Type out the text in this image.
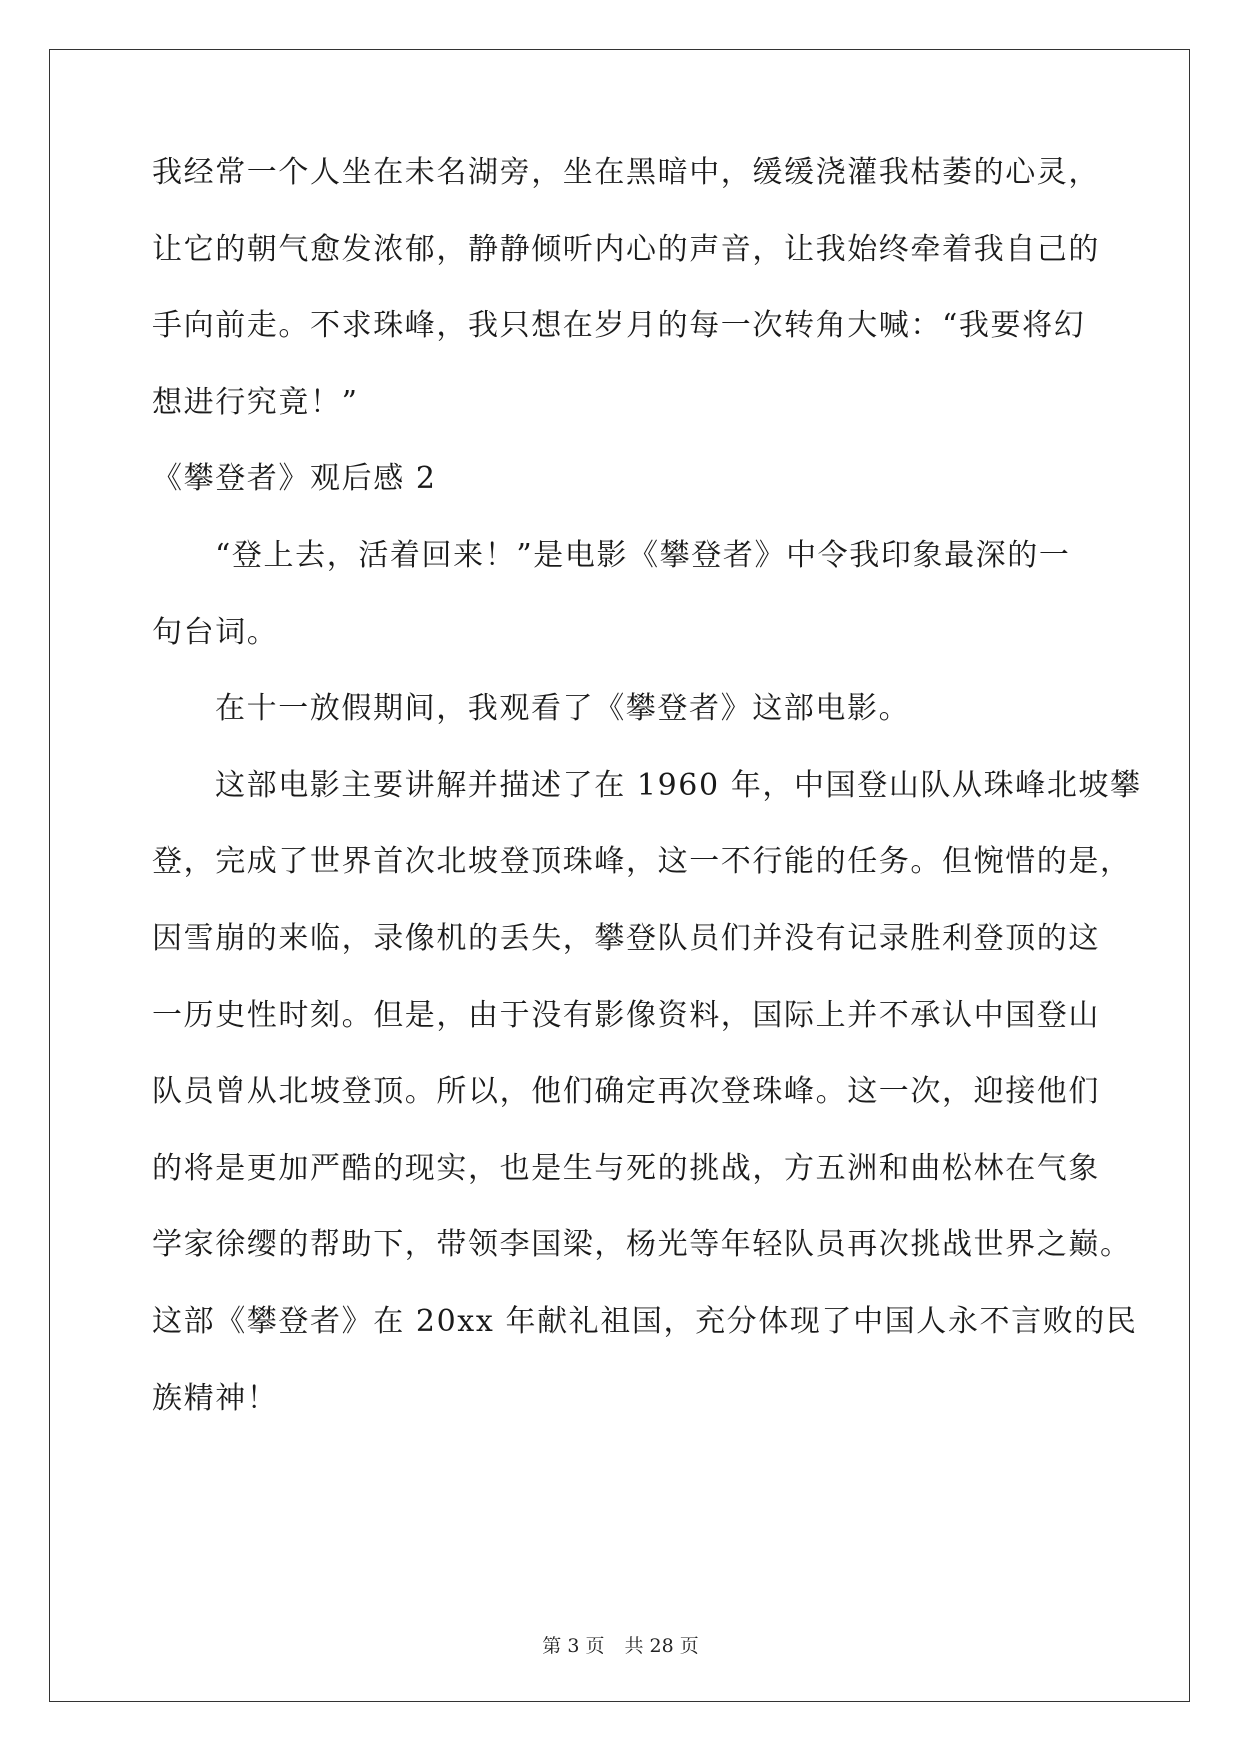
我经常一个人坐在未名湖旁，坐在黑暗中，缓缓浇灌我枯萎的心灵，
让它的朝气愈发浓郁，静静倾听内心的声音，让我始终牵着我自己的
手向前走。不求珠峰，我只想在岁月的每一次转角大喊：“我要将幻
想进行究竟！”
《攀登者》观后感 2
“登上去，活着回来！”是电影《攀登者》中令我印象最深的一
句台词。
在十一放假期间，我观看了《攀登者》这部电影。
这部电影主要讲解并描述了在 1960 年，中国登山队从珠峰北坡攀
登，完成了世界首次北坡登顶珠峰，这一不行能的任务。但惋惜的是，
因雪崩的来临，录像机的丢失，攀登队员们并没有记录胜利登顶的这
一历史性时刻。但是，由于没有影像资料，国际上并不承认中国登山
队员曾从北坡登顶。所以，他们确定再次登珠峰。这一次，迎接他们
的将是更加严酷的现实，也是生与死的挑战，方五洲和曲松林在气象
学家徐缨的帮助下，带领李国梁，杨光等年轻队员再次挑战世界之巅。
这部《攀登者》在 20xx 年献礼祖国，充分体现了中国人永不言败的民
族精神！
第 3 页 共 28 页
